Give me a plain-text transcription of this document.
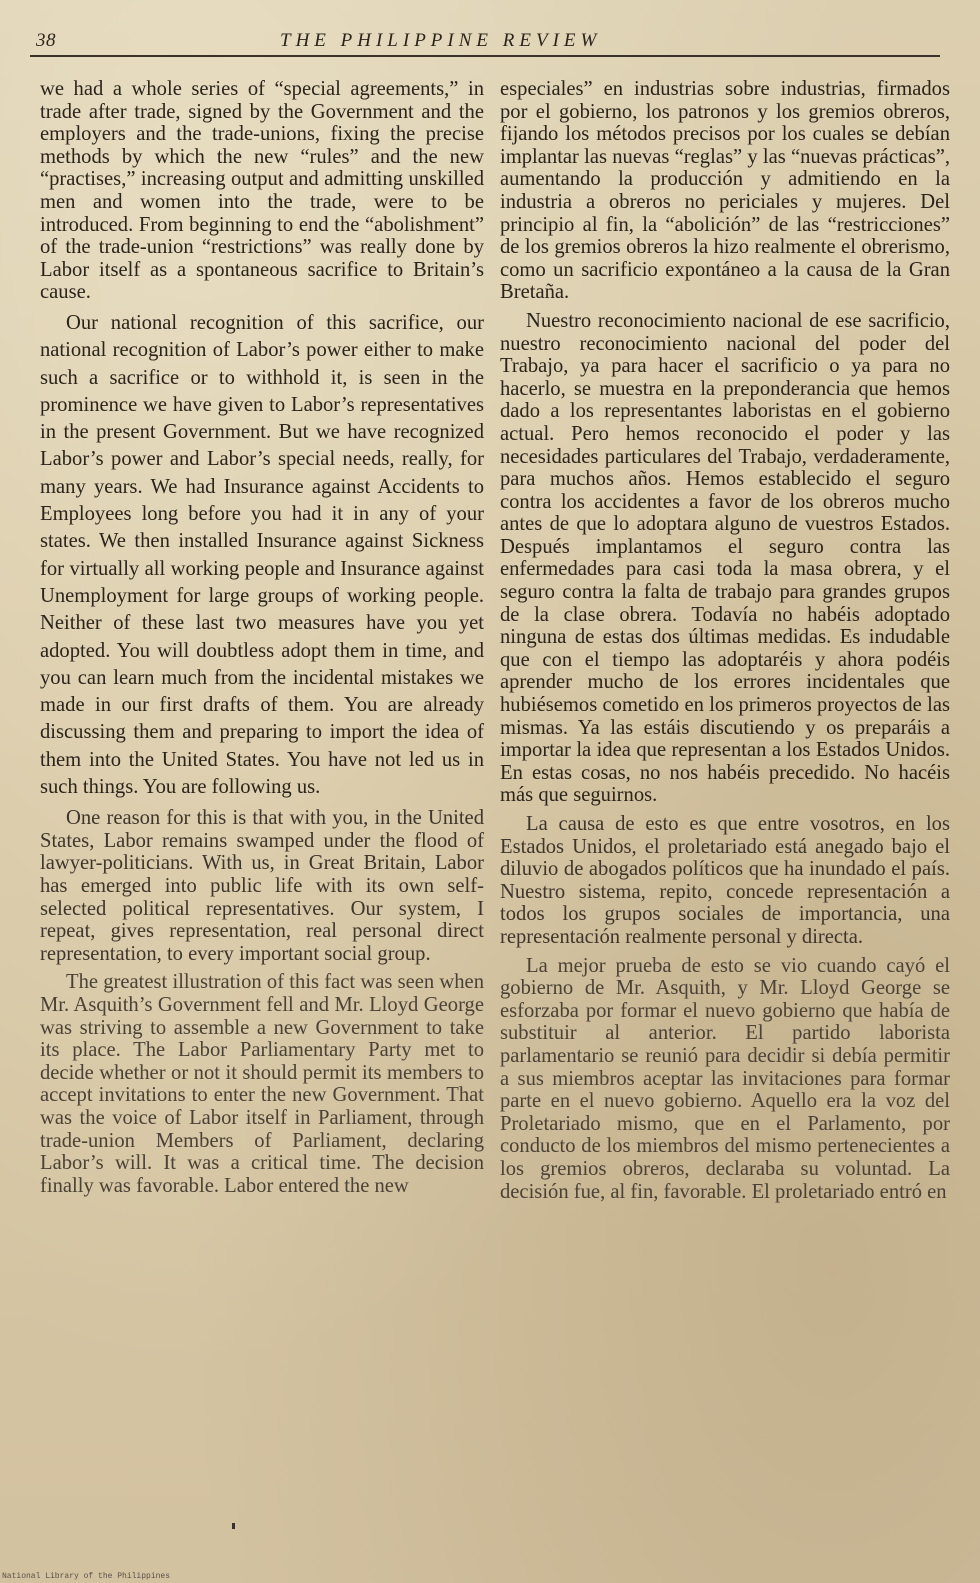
38	THE PHILIPPINE REVIEW

we had a whole series of “special agreements,” in trade after trade, signed by the Government and the employers and the trade-unions, fixing the precise methods by which the new “rules” and the new “practises,” increasing output and admitting unskilled men and women into the trade, were to be introduced. From beginning to end the “abolishment” of the trade-union “restrictions” was really done by Labor itself as a spontaneous sacrifice to Britain’s cause.

Our national recognition of this sacrifice, our national recognition of Labor’s power either to make such a sacrifice or to withhold it, is seen in the prominence we have given to Labor’s representatives in the present Government. But we have recognized Labor’s power and Labor’s special needs, really, for many years. We had Insurance against Accidents to Employees long before you had it in any of your states. We then installed Insurance against Sickness for virtually all working people and Insurance against Unemployment for large groups of working people. Neither of these last two measures have you yet adopted. You will doubtless adopt them in time, and you can learn much from the incidental mistakes we made in our first drafts of them. You are already discussing them and preparing to import the idea of them into the United States. You have not led us in such things. You are following us.

One reason for this is that with you, in the United States, Labor remains swamped under the flood of lawyer-politicians. With us, in Great Britain, Labor has emerged into public life with its own self-selected political representatives. Our system, I repeat, gives representation, real personal direct representation, to every important social group.

The greatest illustration of this fact was seen when Mr. Asquith’s Government fell and Mr. Lloyd George was striving to assemble a new Government to take its place. The Labor Parliamentary Party met to decide whether or not it should permit its members to accept invitations to enter the new Government. That was the voice of Labor itself in Parliament, through trade-union Members of Parliament, declaring Labor’s will. It was a critical time. The decision finally was favorable. Labor entered the new

especiales” en industrias sobre industrias, firmados por el gobierno, los patronos y los gremios obreros, fijando los métodos precisos por los cuales se debían implantar las nuevas “reglas” y las “nuevas prácticas”, aumentando la producción y admitiendo en la industria a obreros no periciales y mujeres. Del principio al fin, la “abolición” de las “restricciones” de los gremios obreros la hizo realmente el obrerismo, como un sacrificio expontáneo a la causa de la Gran Bretaña.

Nuestro reconocimiento nacional de ese sacrificio, nuestro reconocimiento nacional del poder del Trabajo, ya para hacer el sacrificio o ya para no hacerlo, se muestra en la preponderancia que hemos dado a los representantes laboristas en el gobierno actual. Pero hemos reconocido el poder y las necesidades particulares del Trabajo, verdaderamente, para muchos años. Hemos establecido el seguro contra los accidentes a favor de los obreros mucho antes de que lo adoptara alguno de vuestros Estados. Después implantamos el seguro contra las enfermedades para casi toda la masa obrera, y el seguro contra la falta de trabajo para grandes grupos de la clase obrera. Todavía no habéis adoptado ninguna de estas dos últimas medidas. Es indudable que con el tiempo las adoptaréis y ahora podéis aprender mucho de los errores incidentales que hubiésemos cometido en los primeros proyectos de las mismas. Ya las estáis discutiendo y os preparáis a importar la idea que representan a los Estados Unidos. En estas cosas, no nos habéis precedido. No hacéis más que seguirnos.

La causa de esto es que entre vosotros, en los Estados Unidos, el proletariado está anegado bajo el diluvio de abogados políticos que ha inundado el país. Nuestro sistema, repito, concede representación a todos los grupos sociales de importancia, una representación realmente personal y directa.

La mejor prueba de esto se vio cuando cayó el gobierno de Mr. Asquith, y Mr. Lloyd George se esforzaba por formar el nuevo gobierno que había de substituir al anterior. El partido laborista parlamentario se reunió para decidir si debía permitir a sus miembros aceptar las invitaciones para formar parte en el nuevo gobierno. Aquello era la voz del Proletariado mismo, que en el Parlamento, por conducto de los miembros del mismo pertenecientes a los gremios obreros, declaraba su voluntad. La decisión fue, al fin, favorable. El proletariado entró en

National Library of the Philippines
